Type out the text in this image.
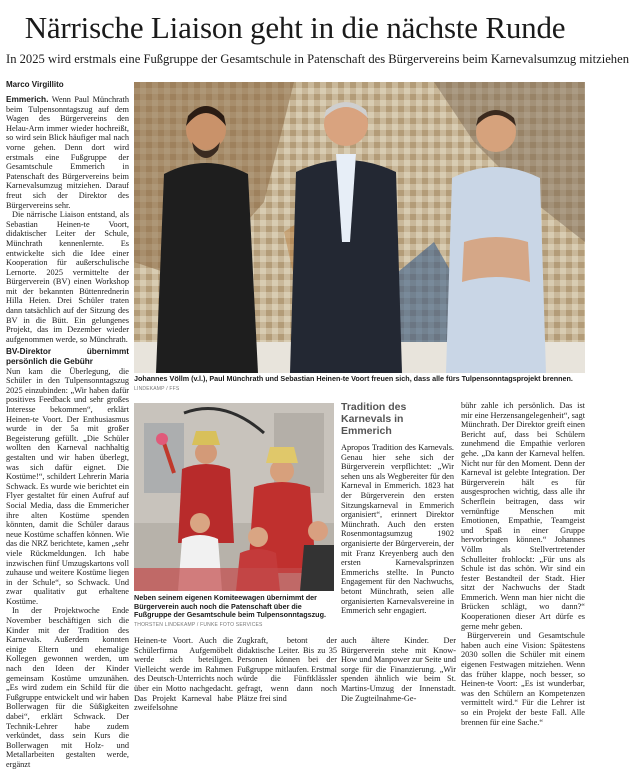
Närrische Liaison geht in die nächste Runde
In 2025 wird erstmals eine Fußgruppe der Gesamtschule in Patenschaft des Bürgervereins beim Karnevalsumzug mitziehen
Marco Virgillito

Emmerich. Wenn Paul Münchrath beim Tulpensonntagszug auf dem Wagen des Bürgervereins den Helau-Arm immer wieder hochreißt, so wird sein Blick häufiger mal nach vorne gehen. Denn dort wird erstmals eine Fußgruppe der Gesamtschule Emmerich in Patenschaft des Bürgervereins beim Karnevalsumzug mitziehen. Darauf freut sich der Direktor des Bürgervereins sehr.

Die närrische Liaison entstand, als Sebastian Heinen-te Voort, didaktischer Leiter der Schule, Münchrath kennenlernte. Es entwickelte sich die Idee einer Kooperation für außerschulische Lernorte. 2025 vermittelte der Bürgerverein (BV) einen Workshop mit der bekannten Büttenrednerin Hilla Heien. Drei Schüler traten dann tatsächlich auf der Sitzung des BV in die Bütt. Ein gelungenes Projekt, das im Dezember wieder aufgenommen werde, so Münchrath.

BV-Direktor übernimmt persönlich die Gebühr

Nun kam die Überlegung, die Schüler in den Tulpensonntagszug 2025 einzubinden: „Wir haben dafür positives Feedback und sehr großes Interesse bekommen“, erklärt Heinen-te Voort. Der Enthusiasmus wurde in der 5a mit großer Begeisterung gefüllt. „Die Schüler wollten den Karneval nachhaltig gestalten und wir haben überlegt, was sich dafür eignet. Die Kostüme!“, schildert Lehrerin Maria Schwack. Es wurde wie berichtet ein Flyer gestaltet für einen Aufruf auf Social Media, dass die Emmericher ihre alten Kostüme spenden könnten, damit die Schüler daraus neue Kostüme schaffen können. Wie das die NRZ berichtete, kamen „sehr viele Rückmeldungen. Ich habe inzwischen fünf Umzugskartons voll zuhause und weitere Kostüme liegen in der Schule“, so Schwack. Und zwar qualitativ gut erhaltene Kostüme.

In der Projektwoche Ende November beschäftigen sich die Kinder mit der Tradition des Karnevals. Außerdem konnten einige Eltern und ehemalige Kollegen gewonnen werden, um nach den Ideen der Kinder gemeinsam Kostüme umzunähen. „Es wird zudem ein Schild für die Fußgruppe entwickelt und wir haben Bollerwagen für die Süßigkeiten dabei“, erklärt Schwack. Der Technik-Lehrer habe zudem verkündet, dass sein Kurs die Bollerwagen mit Holz- und Metallarbeiten gestalten werde, ergänzt

Johannes Völlm (v.l.), Paul Münchrath und Sebastian Heinen-te Voort freuen sich, dass alle fürs Tulpensonntagsprojekt brennen. LINDEKAMP / FFS
Neben seinem eigenen Komiteewagen übernimmt der Bürgerverein auch noch die Patenschaft über die Fußgruppe der Gesamtschule beim Tulpensonntagszug. THORSTEN LINDEKAMP / FUNKE FOTO SERVICES
Tradition des Karnevals in Emmerich
Apropos Tradition des Karnevals. Genau hier sehe sich der Bürgerverein verpflichtet: „Wir sehen uns als Wegbereiter für den Karneval in Emmerich. 1823 hat der Bürgerverein den ersten Sitzungskarneval in Emmerich organisiert“, erinnert Direktor Münchrath. Auch den ersten Rosenmontagsumzug 1902 organisierte der Bürgerverein, der mit Franz Kreyenberg auch den ersten Karnevalsprinzen Emmerichs stellte. In Puncto Engagement für den Nachwuchs, betont Münchrath, seien alle organisierten Karnevalsvereine in Emmerich sehr engagiert.

bühr zahle ich persönlich. Das ist mir eine Herzensangelegenheit“, sagt Münchrath. Der Direktor greift einen Bericht auf, dass bei Schülern zunehmend die Empathie verloren gehe. „Da kann der Karneval helfen. Nicht nur für den Moment. Denn der Karneval ist gelebte Integration. Der Bürgerverein hält es für ausgesprochen wichtig, dass alle ihr Scherflein beitragen, dass wir vernünftige Menschen mit Emotionen, Empathie, Teamgeist und Spaß in einer Gruppe hervorbringen können.“ Johannes Völlm als Stellvertretender Schulleiter frohlockt: „Für uns als Schule ist das schön. Wir sind ein fester Bestandteil der Stadt. Hier sitzt der Nachwuchs der Stadt Emmerich. Wenn man hier nicht die Brücken schlägt, wo dann?“ Kooperationen dieser Art dürfe es gerne mehr geben.

Bürgerverein und Gesamtschule haben auch eine Vision: Spätestens 2030 sollen die Schüler mit einem eigenen Festwagen mitziehen. Wenn das früher klappe, noch besser, so Heinen-te Voort: „Es ist wunderbar, was den Schülern an Kompetenzen vermittelt wird.“ Für die Lehrer ist so ein Projekt der beste Fall. Alle brennen für eine Sache.“

Heinen-te Voort. Auch die Schülerfirma Aufgemöbelt werde sich beteiligen. Vielleicht werde im Rahmen des Deutsch-Unterrichts noch über ein Motto nachgedacht. Das Projekt Karneval habe zweifelsohne

Zugkraft, betont der didaktische Leiter. Bis zu 35 Personen können bei der Fußgruppe mitlaufen. Erstmal würde die Fünftklässler gefragt, wenn dann noch Plätze frei sind

auch ältere Kinder. Der Bürgerverein stehe mit Know-How und Manpower zur Seite und sorge für die Finanzierung. „Wir spenden ähnlich wie beim St. Martins-Umzug der Innenstadt. Die Zugteilnahme-Ge-
